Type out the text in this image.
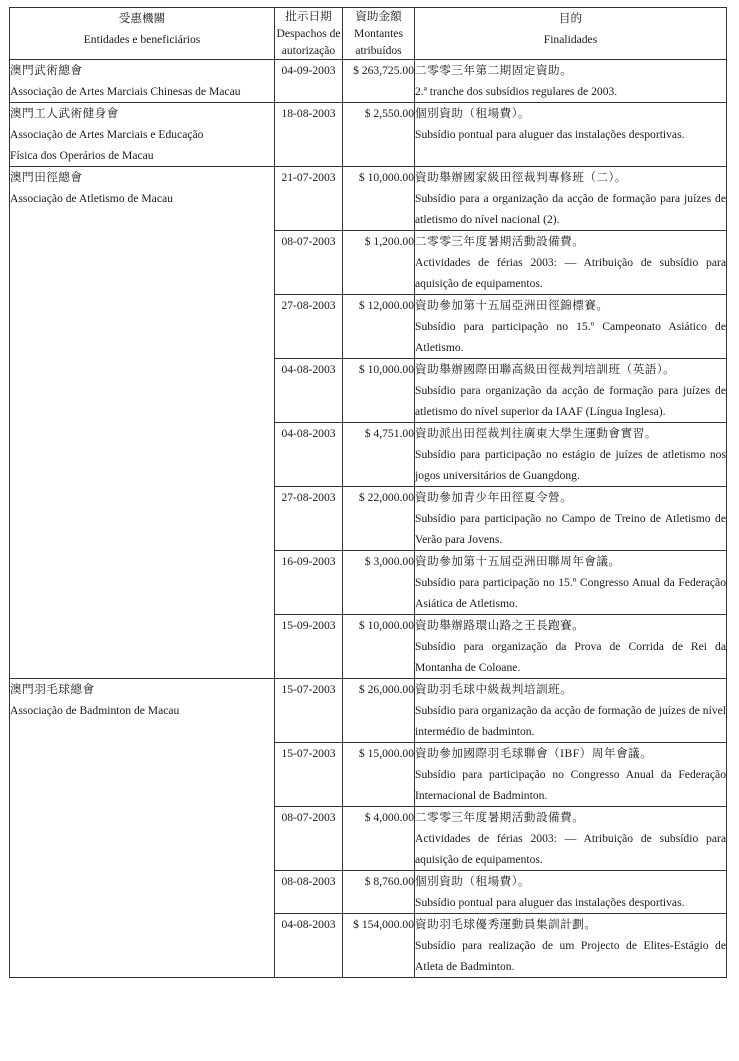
受惠機關
Entidades e beneficiários	批示日期
Despachos de
autorização	資助金額
Montantes
atribuídos	目的
Finalidades

澳門武術總會
Associação de Artes Marciais Chinesas de Macau	04-09-2003	$ 263,725.00	二零零三年第二期固定資助。
2.ª tranche dos subsídios regulares de 2003.

澳門工人武術健身會
Associação de Artes Marciais e Educação
Física dos Operários de Macau	18-08-2003	$ 2,550.00	個別資助（租場費）。
Subsídio pontual para aluguer das instalações desportivas.

澳門田徑總會
Associação de Atletismo de Macau	21-07-2003	$ 10,000.00	資助舉辦國家級田徑裁判專修班（二）。
Subsídio para a organização da acção de formação para juízes de atletismo do nível nacional (2).

	08-07-2003	$ 1,200.00	二零零三年度暑期活動設備費。
Actividades de férias 2003: — Atribuição de subsídio para aquisição de equipamentos.

	27-08-2003	$ 12,000.00	資助參加第十五屆亞洲田徑錦標賽。
Subsídio para participação no 15.º Campeonato Asiático de Atletismo.

	04-08-2003	$ 10,000.00	資助舉辦國際田聯高級田徑裁判培訓班（英語）。
Subsídio para organização da acção de formação para juízes de atletismo do nível superior da IAAF (Língua Inglesa).

	04-08-2003	$ 4,751.00	資助派出田徑裁判往廣東大學生運動會實習。
Subsídio para participação no estágio de juízes de atletismo nos jogos universitários de Guangdong.

	27-08-2003	$ 22,000.00	資助參加青少年田徑夏令營。
Subsídio para participação no Campo de Treino de Atletismo de Verão para Jovens.

	16-09-2003	$ 3,000.00	資助參加第十五屆亞洲田聯周年會議。
Subsídio para participação no 15.º Congresso Anual da Federação Asiática de Atletismo.

	15-09-2003	$ 10,000.00	資助舉辦路環山路之王長跑賽。
Subsídio para organização da Prova de Corrida de Rei da Montanha de Coloane.

澳門羽毛球總會
Associação de Badminton de Macau	15-07-2003	$ 26,000.00	資助羽毛球中級裁判培訓班。
Subsídio para organização da acção de formação de juízes de nível intermédio de badminton.

	15-07-2003	$ 15,000.00	資助參加國際羽毛球聯會（IBF）周年會議。
Subsídio para participação no Congresso Anual da Federação Internacional de Badminton.

	08-07-2003	$ 4,000.00	二零零三年度暑期活動設備費。
Actividades de férias 2003: — Atribuição de subsídio para aquisição de equipamentos.

	08-08-2003	$ 8,760.00	個別資助（租場費）。
Subsídio pontual para aluguer das instalações desportivas.

	04-08-2003	$ 154,000.00	資助羽毛球優秀運動員集訓計劃。
Subsídio para realização de um Projecto de Elites-Estágio de Atleta de Badminton.
